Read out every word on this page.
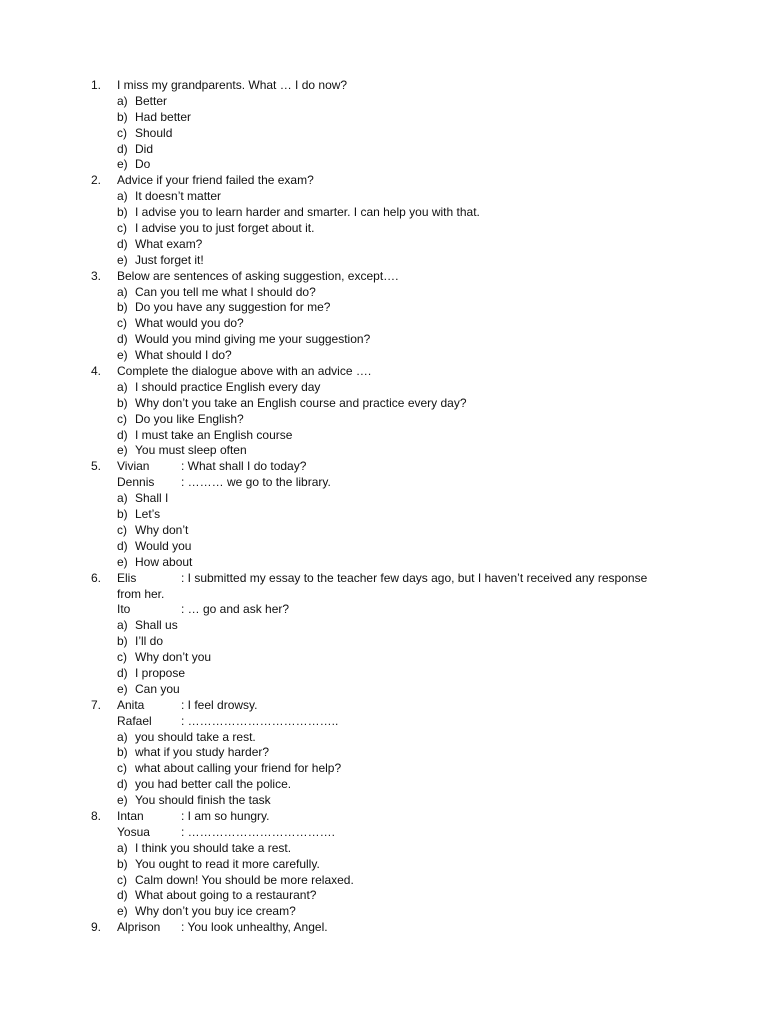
1. I miss my grandparents. What … I do now?
a) Better
b) Had better
c) Should
d) Did
e) Do
2. Advice if your friend failed the exam?
a) It doesn’t matter
b) I advise you to learn harder and smarter. I can help you with that.
c) I advise you to just forget about it.
d) What exam?
e) Just forget it!
3. Below are sentences of asking suggestion, except….
a) Can you tell me what I should do?
b) Do you have any suggestion for me?
c) What would you do?
d) Would you mind giving me your suggestion?
e) What should I do?
4. Complete the dialogue above with an advice ….
a) I should practice English every day
b) Why don’t you take an English course and practice every day?
c) Do you like English?
d) I must take an English course
e) You must sleep often
5. Vivian	: What shall I do today?
Dennis : ……… we go to the library.
a) Shall I
b) Let’s
c) Why don’t
d) Would you
e) How about
6. Elis	: I submitted my essay to the teacher few days ago, but I haven’t received any response
from her.
Ito	: … go and ask her?
a) Shall us
b) I’ll do
c) Why don’t you
d) I propose
e) Can you
7. Anita	: I feel drowsy.
Rafael : ………………………………..
a) you should take a rest.
b) what if you study harder?
c) what about calling your friend for help?
d) you had better call the police.
e) You should finish the task
8. Intan	: I am so hungry.
Yosua	: ……………………………….
a) I think you should take a rest.
b) You ought to read it more carefully.
c) Calm down! You should be more relaxed.
d) What about going to a restaurant?
e) Why don’t you buy ice cream?
9. Alprison : You look unhealthy, Angel.
